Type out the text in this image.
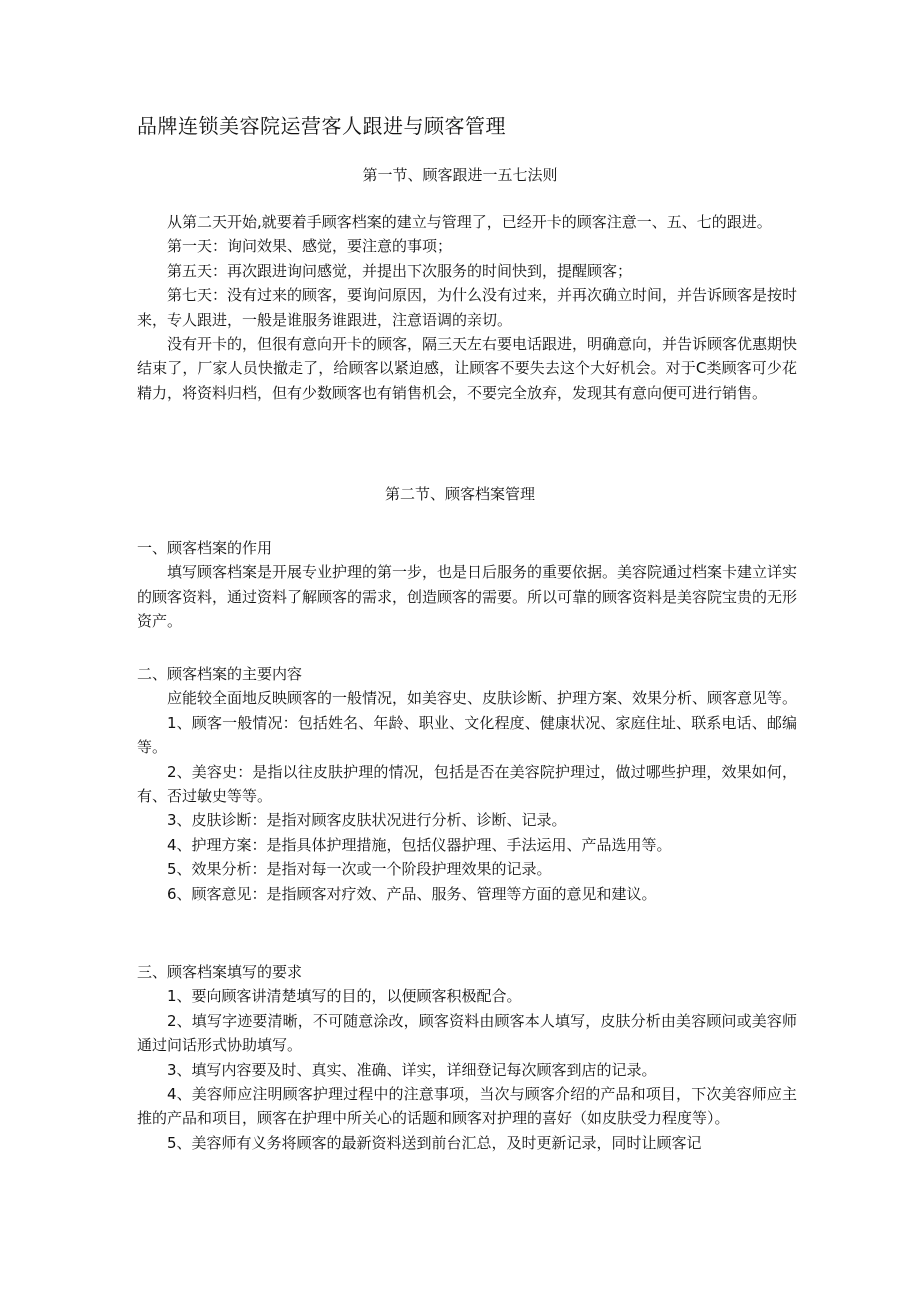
品牌连锁美容院运营客人跟进与顾客管理
第一节、顾客跟进一五七法则

从第二天开始,就要着手顾客档案的建立与管理了，已经开卡的顾客注意一、五、七的跟进。

第一天：询问效果、感觉，要注意的事项；

第五天：再次跟进询问感觉，并提出下次服务的时间快到，提醒顾客；

第七天：没有过来的顾客，要询问原因，为什么没有过来，并再次确立时间，并告诉顾客是按时来，专人跟进，一般是谁服务谁跟进，注意语调的亲切。

没有开卡的，但很有意向开卡的顾客，隔三天左右要电话跟进，明确意向，并告诉顾客优惠期快结束了，厂家人员快撤走了，给顾客以紧迫感，让顾客不要失去这个大好机会。对于C类顾客可少花精力，将资料归档，但有少数顾客也有销售机会，不要完全放弃，发现其有意向便可进行销售。

第二节、顾客档案管理

一、顾客档案的作用

填写顾客档案是开展专业护理的第一步，也是日后服务的重要依据。美容院通过档案卡建立详实的顾客资料，通过资料了解顾客的需求，创造顾客的需要。所以可靠的顾客资料是美容院宝贵的无形资产。

二、顾客档案的主要内容

应能较全面地反映顾客的一般情况，如美容史、皮肤诊断、护理方案、效果分析、顾客意见等。

1、顾客一般情况：包括姓名、年龄、职业、文化程度、健康状况、家庭住址、联系电话、邮编等。

2、美容史：是指以往皮肤护理的情况，包括是否在美容院护理过，做过哪些护理，效果如何，有、否过敏史等等。

3、皮肤诊断：是指对顾客皮肤状况进行分析、诊断、记录。

4、护理方案：是指具体护理措施，包括仪器护理、手法运用、产品选用等。

5、效果分析：是指对每一次或一个阶段护理效果的记录。

6、顾客意见：是指顾客对疗效、产品、服务、管理等方面的意见和建议。

三、顾客档案填写的要求

1、要向顾客讲清楚填写的目的，以便顾客积极配合。

2、填写字迹要清晰，不可随意涂改，顾客资料由顾客本人填写，皮肤分析由美容顾问或美容师通过问话形式协助填写。

3、填写内容要及时、真实、准确、详实，详细登记每次顾客到店的记录。

4、美容师应注明顾客护理过程中的注意事项，当次与顾客介绍的产品和项目，下次美容师应主推的产品和项目，顾客在护理中所关心的话题和顾客对护理的喜好（如皮肤受力程度等）。

5、美容师有义务将顾客的最新资料送到前台汇总，及时更新记录，同时让顾客记
